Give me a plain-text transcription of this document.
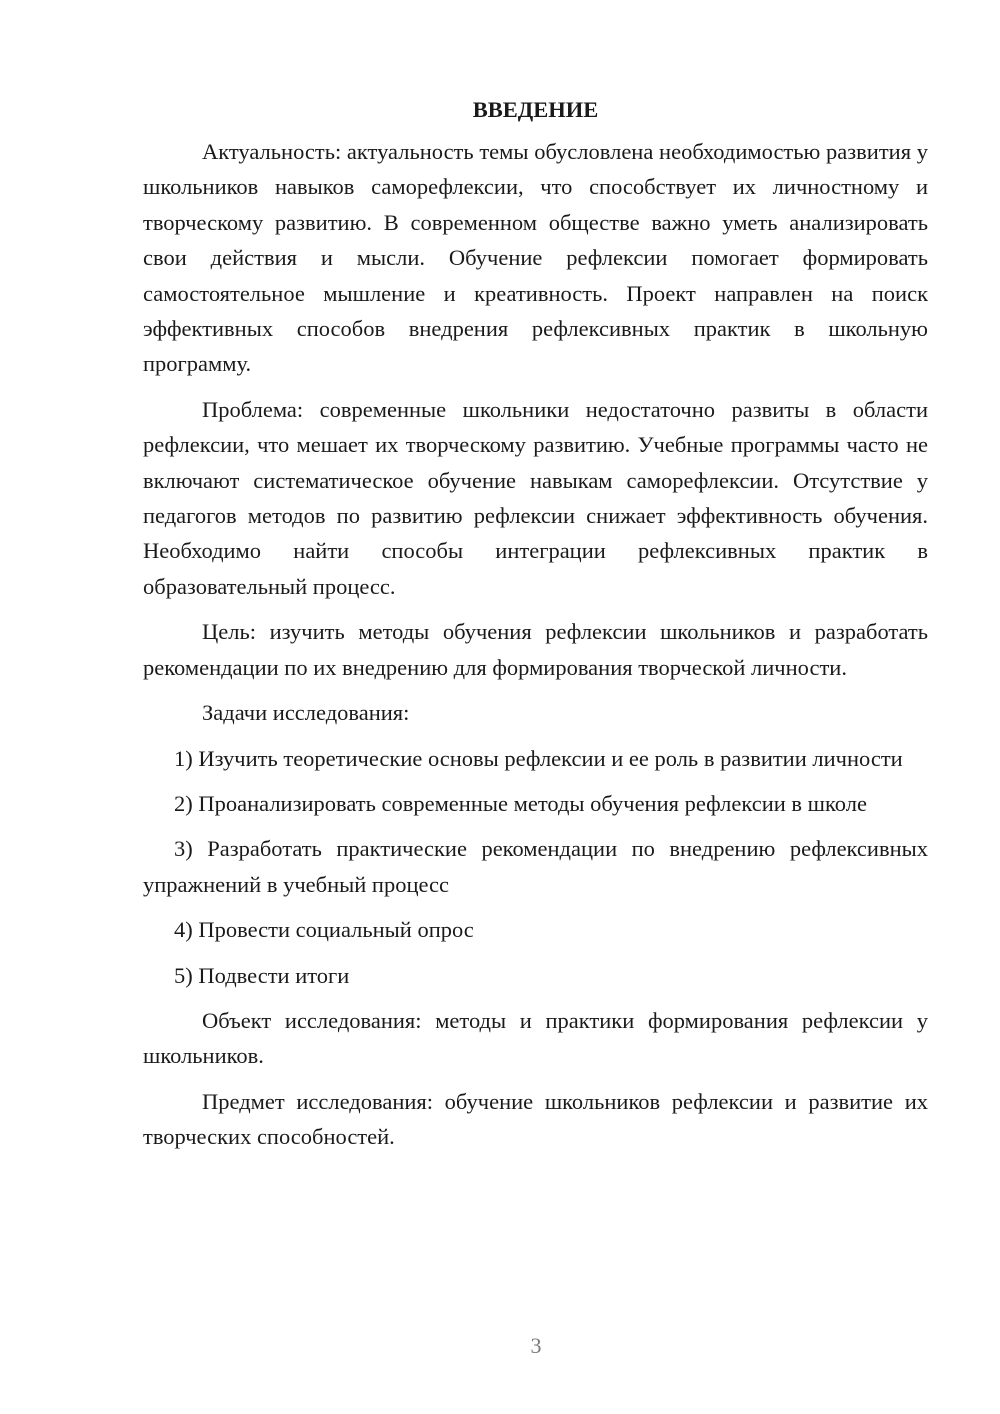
ВВЕДЕНИЕ

Актуальность: актуальность темы обусловлена необходимостью развития у школьников навыков саморефлексии, что способствует их личностному и творческому развитию. В современном обществе важно уметь анализировать свои действия и мысли. Обучение рефлексии помогает формировать самостоятельное мышление и креативность. Проект направлен на поиск эффективных способов внедрения рефлексивных практик в школьную программу.

Проблема: современные школьники недостаточно развиты в области рефлексии, что мешает их творческому развитию. Учебные программы часто не включают систематическое обучение навыкам саморефлексии. Отсутствие у педагогов методов по развитию рефлексии снижает эффективность обучения. Необходимо найти способы интеграции рефлексивных практик в образовательный процесс.

Цель: изучить методы обучения рефлексии школьников и разработать рекомендации по их внедрению для формирования творческой личности.

Задачи исследования:

1) Изучить теоретические основы рефлексии и ее роль в развитии личности

2) Проанализировать современные методы обучения рефлексии в школе

3) Разработать практические рекомендации по внедрению рефлексивных упражнений в учебный процесс

4) Провести социальный опрос

5) Подвести итоги

Объект исследования: методы и практики формирования рефлексии у школьников.

Предмет исследования: обучение школьников рефлексии и развитие их творческих способностей.

3
